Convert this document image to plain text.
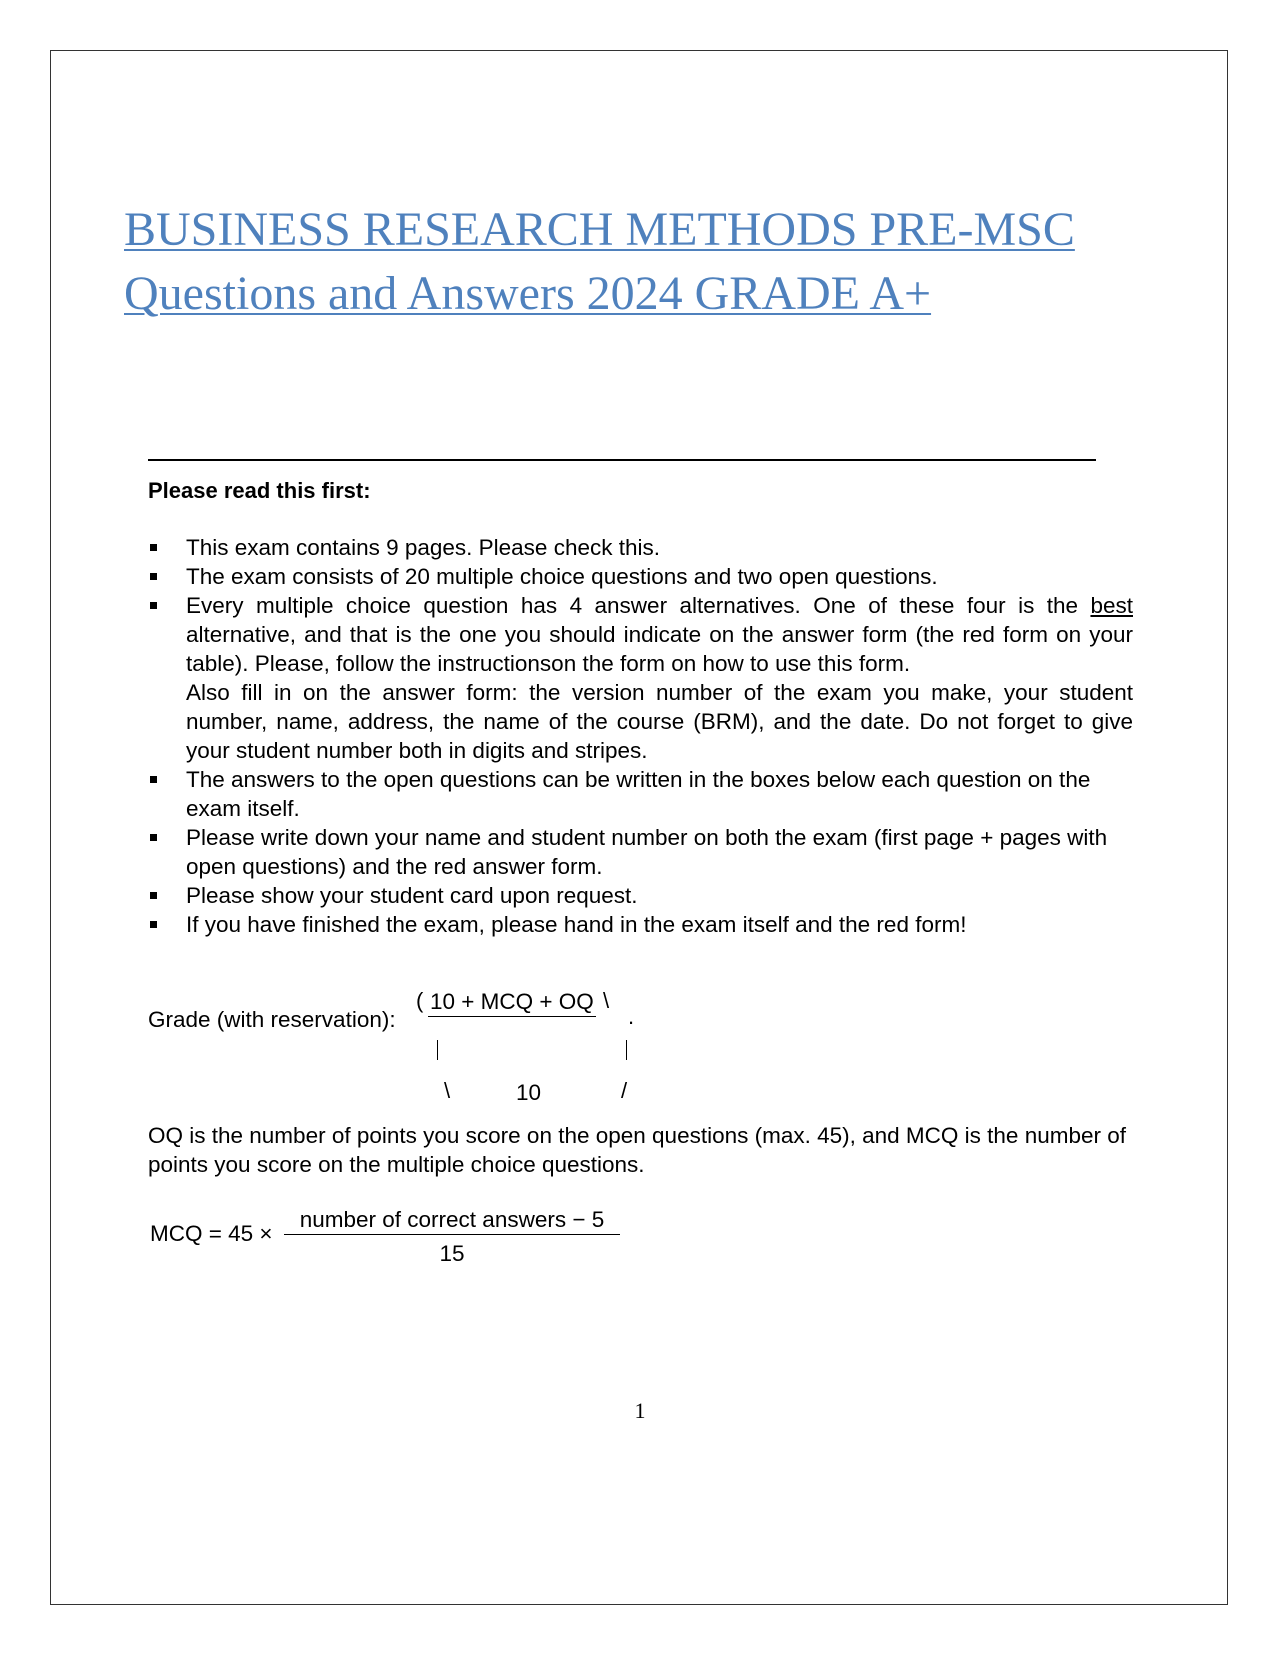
BUSINESS RESEARCH METHODS PRE-MSC
Questions and Answers 2024 GRADE A+

Please read this first:

This exam contains 9 pages. Please check this.
The exam consists of 20 multiple choice questions and two open questions.

Every multiple choice question has 4 answer alternatives. One of these four is the best alternative, and that is the one you should indicate on the answer form (the red form on your table). Please, follow the instructionson the form on how to use this form.

Also fill in on the answer form: the version number of the exam you make, your student number, name, address, the name of the course (BRM), and the date. Do not forget to give your student number both in digits and stripes.

The answers to the open questions can be written in the boxes below each question on the exam itself.
Please write down your name and student number on both the exam (first page + pages with open questions) and the red answer form.
Please show your student card upon request.
If you have finished the exam, please hand in the exam itself and the red form!
Grade (with reservation):
( 10 + MCQ + OQ \
.
\	10	/

OQ is the number of points you score on the open questions (max. 45), and MCQ is the number of points you score on the multiple choice questions.

MCQ = 45 ×
number of correct answers − 5
15
1
